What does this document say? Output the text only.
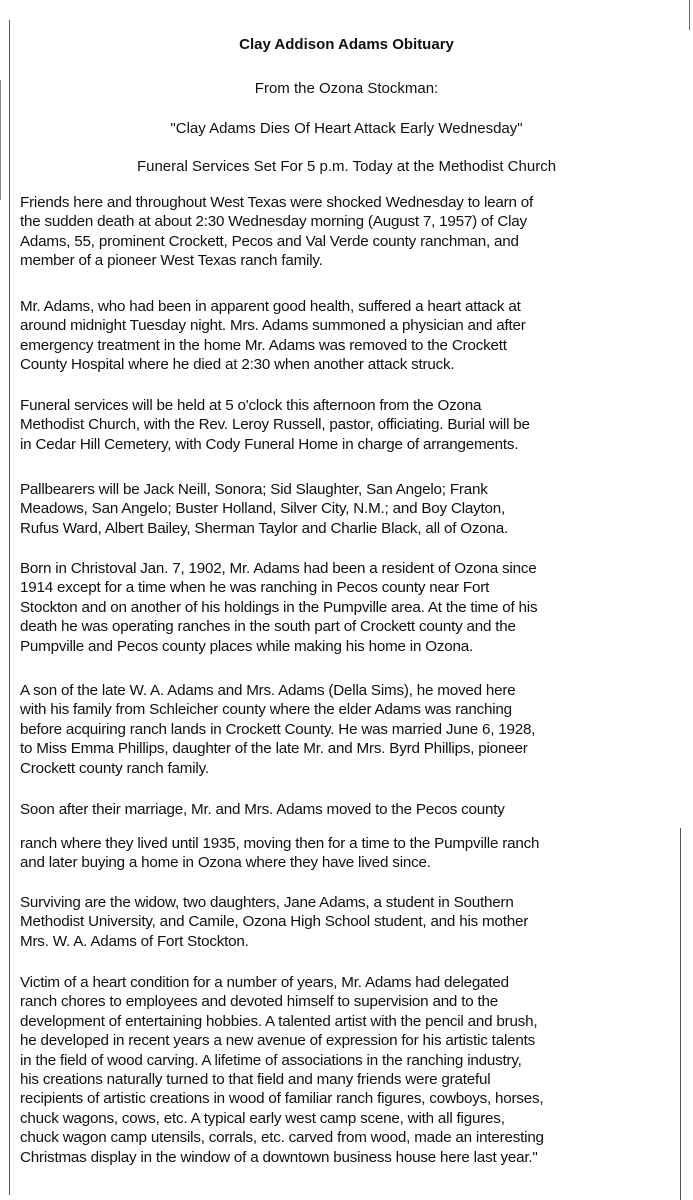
Clay Addison Adams Obituary
From the Ozona Stockman:
"Clay Adams Dies Of Heart Attack Early Wednesday"
Funeral Services Set For 5 p.m. Today at the Methodist Church
Friends here and throughout West Texas were shocked Wednesday to learn of
the sudden death at about 2:30 Wednesday morning (August 7, 1957) of Clay
Adams, 55, prominent Crockett, Pecos and Val Verde county ranchman, and
member of a pioneer West Texas ranch family.
Mr. Adams, who had been in apparent good health, suffered a heart attack at
around midnight Tuesday night. Mrs. Adams summoned a physician and after
emergency treatment in the home Mr. Adams was removed to the Crockett
County Hospital where he died at 2:30 when another attack struck.
Funeral services will be held at 5 o'clock this afternoon from the Ozona
Methodist Church, with the Rev. Leroy Russell, pastor, officiating. Burial will be
in Cedar Hill Cemetery, with Cody Funeral Home in charge of arrangements.
Pallbearers will be Jack Neill, Sonora; Sid Slaughter, San Angelo; Frank
Meadows, San Angelo; Buster Holland, Silver City, N.M.; and Boy Clayton,
Rufus Ward, Albert Bailey, Sherman Taylor and Charlie Black, all of Ozona.
Born in Christoval Jan. 7, 1902, Mr. Adams had been a resident of Ozona since
1914 except for a time when he was ranching in Pecos county near Fort
Stockton and on another of his holdings in the Pumpville area. At the time of his
death he was operating ranches in the south part of Crockett county and the
Pumpville and Pecos county places while making his home in Ozona.
A son of the late W. A. Adams and Mrs. Adams (Della Sims), he moved here
with his family from Schleicher county where the elder Adams was ranching
before acquiring ranch lands in Crockett County. He was married June 6, 1928,
to Miss Emma Phillips, daughter of the late Mr. and Mrs. Byrd Phillips, pioneer
Crockett county ranch family.
Soon after their marriage, Mr. and Mrs. Adams moved to the Pecos county
ranch where they lived until 1935, moving then for a time to the Pumpville ranch
and later buying a home in Ozona where they have lived since.
Surviving are the widow, two daughters, Jane Adams, a student in Southern
Methodist University, and Camile, Ozona High School student, and his mother
Mrs. W. A. Adams of Fort Stockton.
Victim of a heart condition for a number of years, Mr. Adams had delegated
ranch chores to employees and devoted himself to supervision and to the
development of entertaining hobbies. A talented artist with the pencil and brush,
he developed in recent years a new avenue of expression for his artistic talents
in the field of wood carving. A lifetime of associations in the ranching industry,
his creations naturally turned to that field and many friends were grateful
recipients of artistic creations in wood of familiar ranch figures, cowboys, horses,
chuck wagons, cows, etc. A typical early west camp scene, with all figures,
chuck wagon camp utensils, corrals, etc. carved from wood, made an interesting
Christmas display in the window of a downtown business house here last year."
